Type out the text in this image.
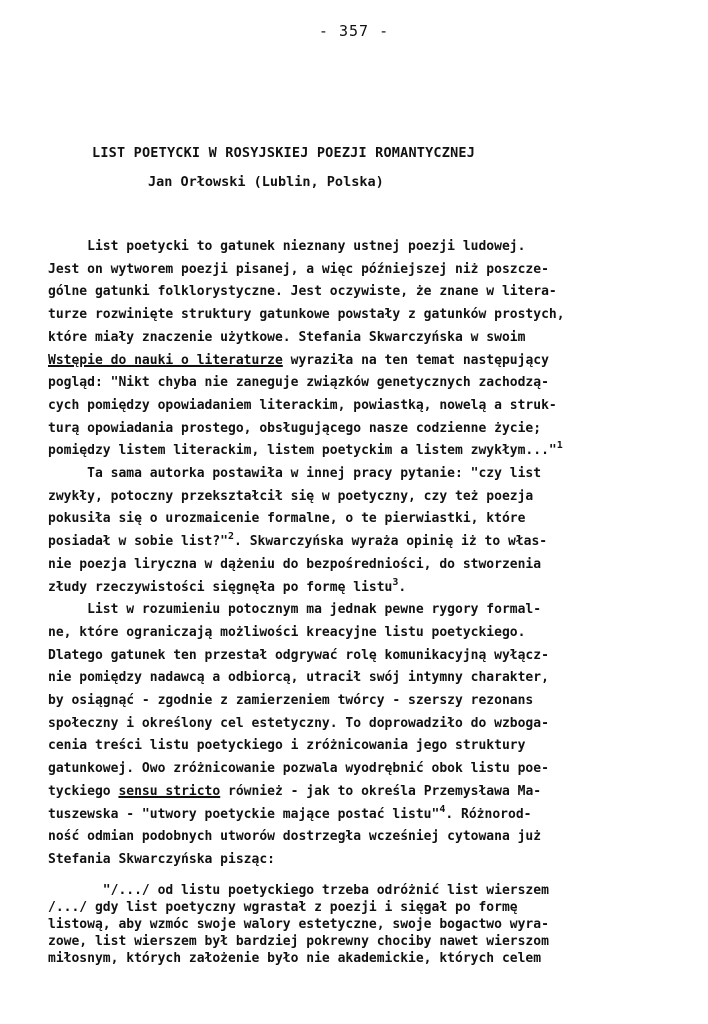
- 357 -
LIST POETYCKI W ROSYJSKIEJ POEZJI ROMANTYCZNEJ
Jan Orłowski (Lublin, Polska)
List poetycki to gatunek nieznany ustnej poezji ludowej.
Jest on wytworem poezji pisanej, a więc późniejszej niż poszcze-
gólne gatunki folklorystyczne. Jest oczywiste, że znane w litera-
turze rozwinięte struktury gatunkowe powstały z gatunków prostych,
które miały znaczenie użytkowe. Stefania Skwarczyńska w swoim
Wstępie do nauki o literaturze wyraziła na ten temat następujący
pogląd: "Nikt chyba nie zaneguje związków genetycznych zachodzą-
cych pomiędzy opowiadaniem literackim, powiastką, nowelą a struk-
turą opowiadania prostego, obsługującego nasze codzienne życie;
pomiędzy listem literackim, listem poetyckim a listem zwykłym..."$^1$
Ta sama autorka postawiła w innej pracy pytanie: "czy list
zwykły, potoczny przekształcił się w poetyczny, czy też poezja
pokusiła się o urozmaicenie formalne, o te pierwiastki, które
posiadał w sobie list?"$^2$. Skwarczyńska wyraża opinię iż to włas-
nie poezja liryczna w dążeniu do bezpośredniości, do stworzenia
złudy rzeczywistości sięgnęła po formę listu$^3$.
List w rozumieniu potocznym ma jednak pewne rygory formal-
ne, które ograniczają możliwości kreacyjne listu poetyckiego.
Dlatego gatunek ten przestał odgrywać rolę komunikacyjną wyłącz-
nie pomiędzy nadawcą a odbiorcą, utracił swój intymny charakter,
by osiągnąć - zgodnie z zamierzeniem twórcy - szerszy rezonans
społeczny i określony cel estetyczny. To doprowadziło do wzboga-
cenia treści listu poetyckiego i zróżnicowania jego struktury
gatunkowej. Owo zróżnicowanie pozwala wyodrębnić obok listu poe-
tyckiego sensu stricto również - jak to określa Przemysława Ma-
tuszewska - "utwory poetyckie mające postać listu"$^4$. Różnorod-
ność odmian podobnych utworów dostrzegła wcześniej cytowana już
Stefania Skwarczyńska pisząc:
"/.../ od listu poetyckiego trzeba odróżnić list wierszem
/.../ gdy list poetyczny wgrastał z poezji i sięgał po formę
listową, aby wzmóc swoje walory estetyczne, swoje bogactwo wyra-
zowe, list wierszem był bardziej pokrewny chociby nawet wierszom
miłosnym, których założenie było nie akademickie, których celem
